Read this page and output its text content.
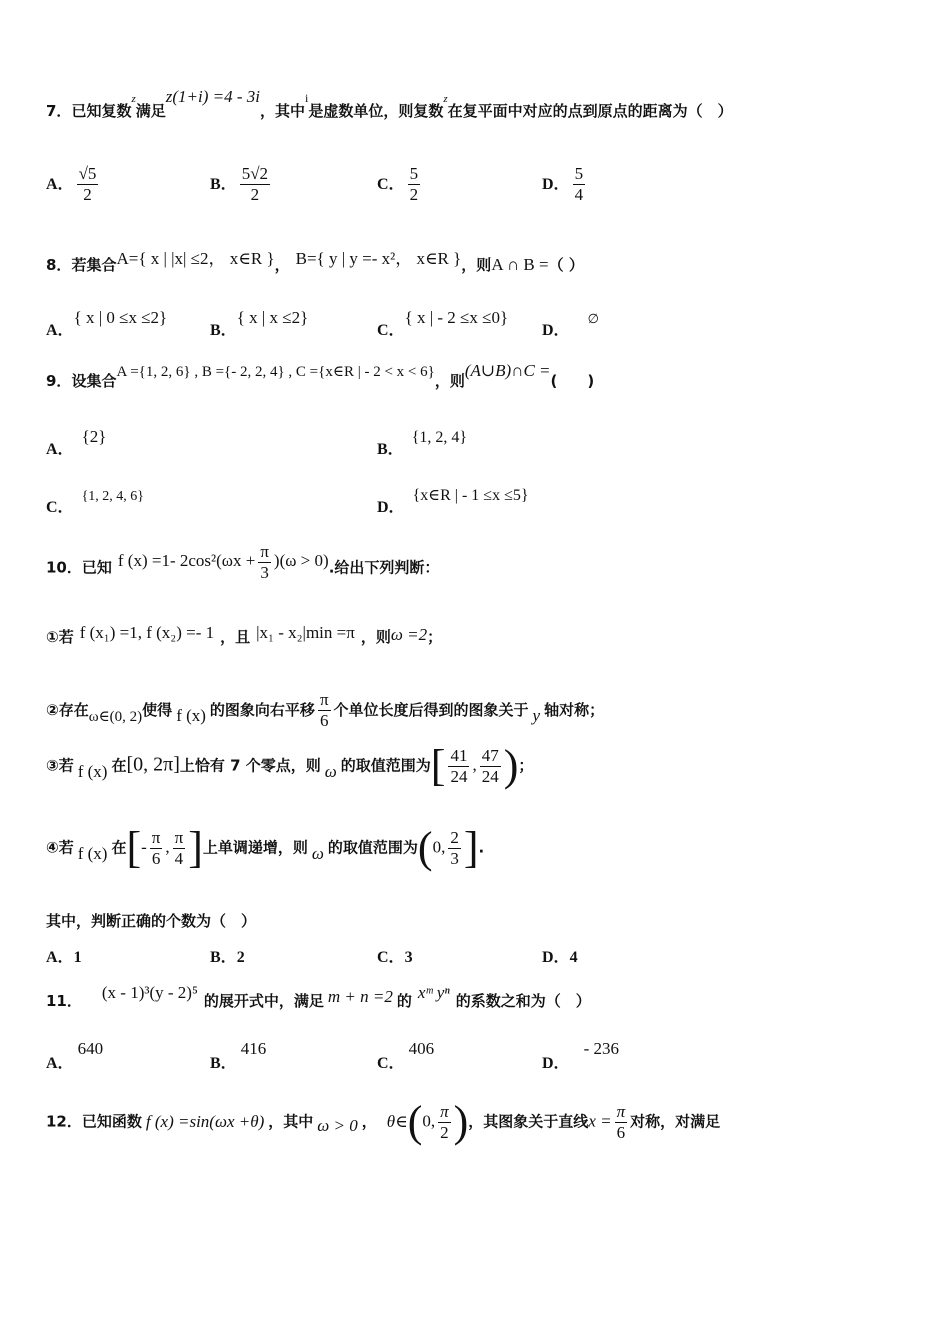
7．已知复数$^z$满足z(1+i) =4 - 3i，其中$^i$是虚数单位，则复数$^z$在复平面中对应的点到原点的距离为（　）
A． $\frac{√5}{2}$	B． $\frac{5√2}{2}$	C． $\frac{5}{2}$	D． $\frac{5}{4}$
8．若集合A={ x | |x| ≤2， x∈R }， B={ y | y =- x²， x∈R }，则A ∩ B =（ ）
A．{ x | 0 ≤x ≤2}
B．{ x | x ≤2}
C．{ x | - 2 ≤x ≤0}
D．∅
9．设集合A ={1, 2, 6} , B ={- 2, 2, 4} , C ={x∈R | - 2 < x < 6}，则(A∪B)∩C =(　　)
A．{2}
B．{1, 2, 4}
C．{1, 2, 4, 6}
D．{x∈R | - 1 ≤x ≤5}
10．已知 f (x) =1- $2\cos^2(\omega x + \frac{\pi}{3} )(\omega > 0)$.给出下列判断：
①若 f (x₁) =1, f (x₂) =- 1 ，且 |x₁ - x₂|min =π ，则ω =2；
②存在ω∈(0, 2)使得 f (x) 的图象向右平移 $\frac{\pi}{6}$ 个单位长度后得到的图象关于 y 轴对称；
③若 f (x) 在[0, 2π]上恰有 7 个零点，则 ω 的取值范围为[ $\frac{41}{24}$ , $\frac{47}{24}$ )；
④若 f (x) 在[- $\frac{\pi}{6}$ , $\frac{\pi}{4}$ ]上单调递增，则 ω 的取值范围为(0, $\frac{2}{3}$ ].
其中，判断正确的个数为（　）
A．1	B．2	C．3	D．4
11． (x - 1)³(y - 2)⁵ 的展开式中，满足 m + n =2 的 xᵐ yⁿ 的系数之和为（　）
A．640
B．416
C．406
D．- 236
12．已知函数 f (x) =sin(ωx +θ) ，其中 ω > 0 ， θ∈(0, $\frac{\pi}{2}$ )，其图象关于直线$x = \frac{\pi}{6}$ 对称，对满足
